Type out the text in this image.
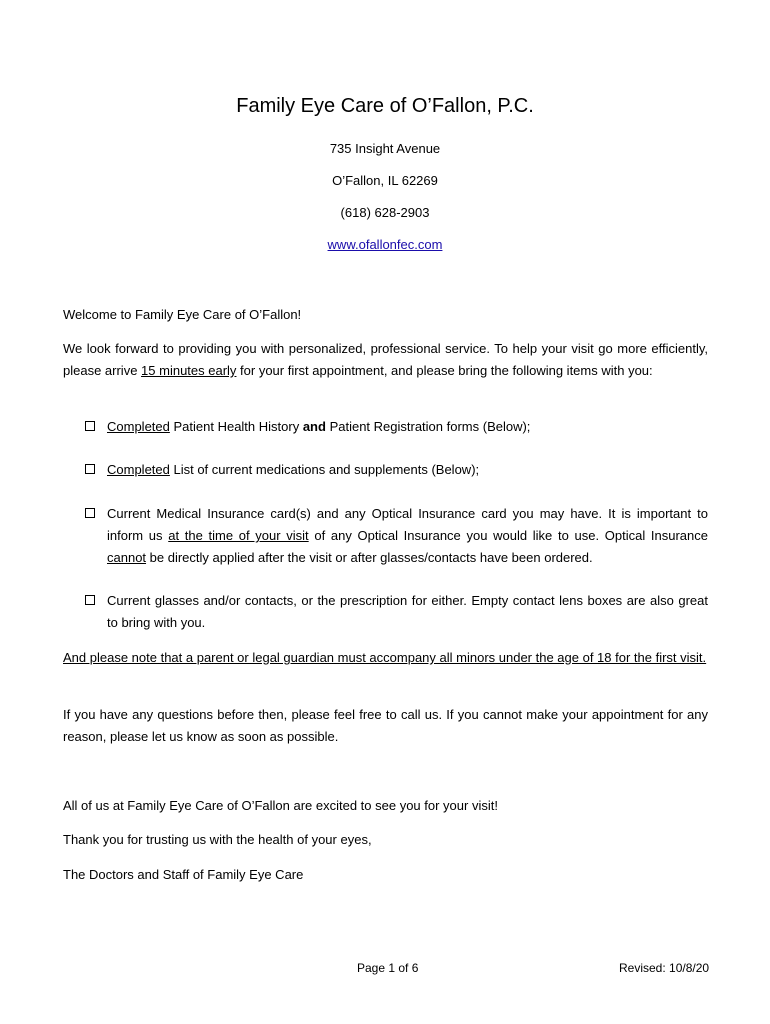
Family Eye Care of O’Fallon, P.C.
735 Insight Avenue
O’Fallon, IL 62269
(618) 628-2903
www.ofallonfec.com
Welcome to Family Eye Care of O’Fallon!
We look forward to providing you with personalized, professional service. To help your visit go more efficiently, please arrive 15 minutes early for your first appointment, and please bring the following items with you:
Completed Patient Health History and Patient Registration forms (Below);
Completed List of current medications and supplements (Below);
Current Medical Insurance card(s) and any Optical Insurance card you may have. It is important to inform us at the time of your visit of any Optical Insurance you would like to use. Optical Insurance cannot be directly applied after the visit or after glasses/contacts have been ordered.
Current glasses and/or contacts, or the prescription for either. Empty contact lens boxes are also great to bring with you.
And please note that a parent or legal guardian must accompany all minors under the age of 18 for the first visit.
If you have any questions before then, please feel free to call us. If you cannot make your appointment for any reason, please let us know as soon as possible.
All of us at Family Eye Care of O’Fallon are excited to see you for your visit!
Thank you for trusting us with the health of your eyes,
The Doctors and Staff of Family Eye Care
Page 1 of 6	Revised: 10/8/20
